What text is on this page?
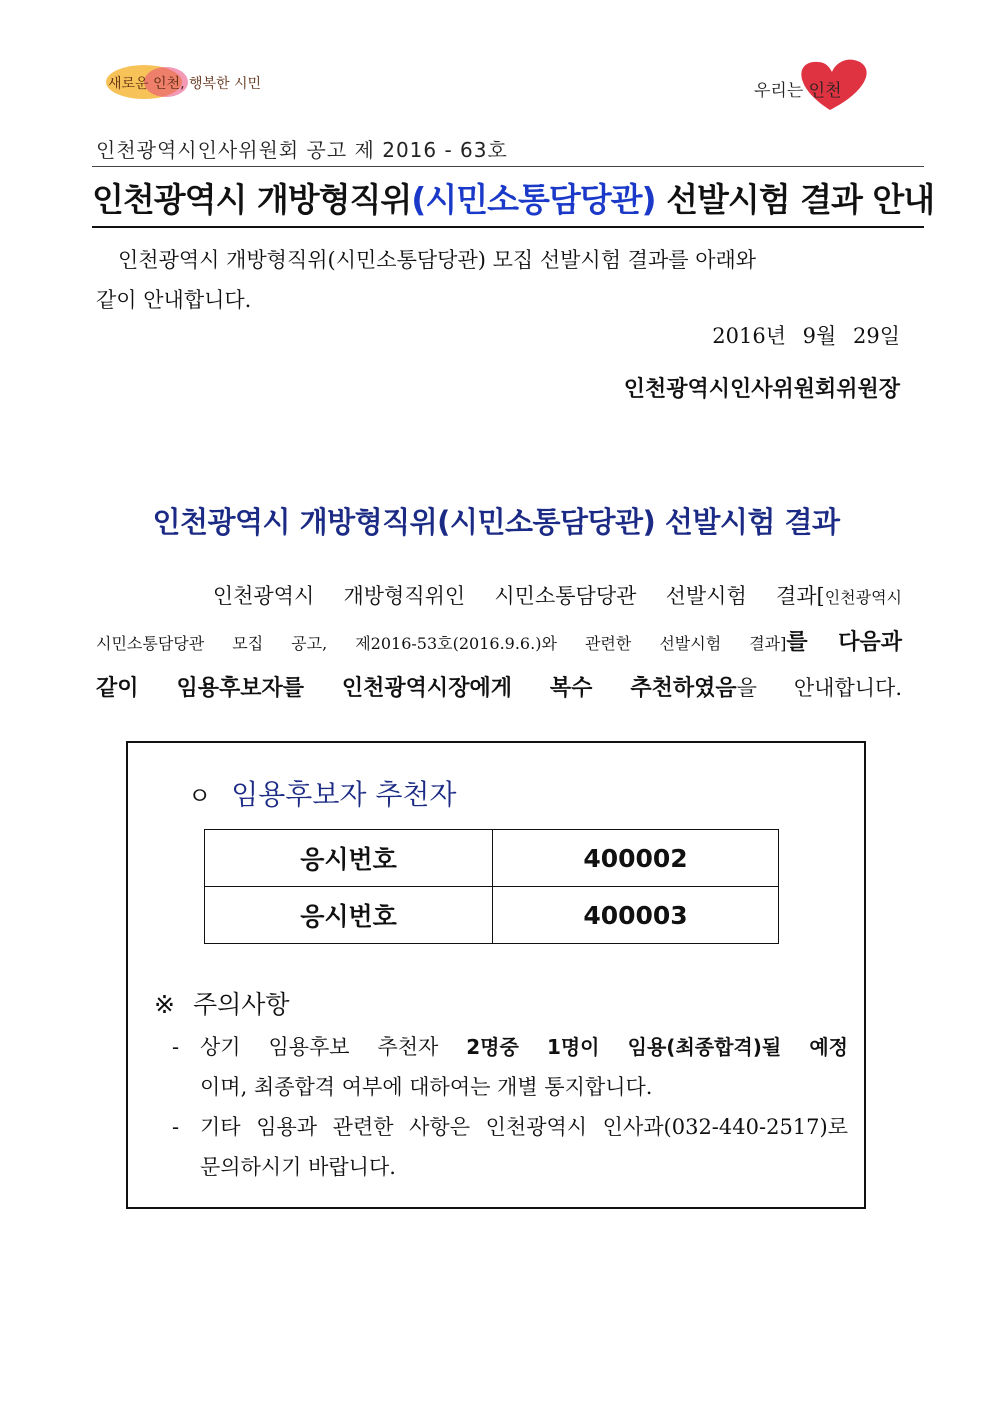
새로운 인천, 행복한 시민	우리는 인천
인천광역시인사위원회 공고 제 2016 - 63호
인천광역시 개방형직위(시민소통담당관) 선발시험 결과 안내
인천광역시 개방형직위(시민소통담당관) 모집 선발시험 결과를 아래와
같이 안내합니다.
2016년 9월 29일
인천광역시인사위원회위원장
인천광역시 개방형직위(시민소통담당관) 선발시험 결과
인천광역시 개방형직위인 시민소통담당관 선발시험 결과[인천광역시
시민소통담당관 모집 공고, 제2016-53호(2016.9.6.)와 관련한 선발시험 결과]를 다음과
같이 임용후보자를 인천광역시장에게 복수 추천하였음을 안내합니다.
ㅇ 임용후보자 추천자
응시번호	400002
응시번호	400003
※ 주의사항
- 상기 임용후보 추천자 2명중 1명이 임용(최종합격)될 예정
이며, 최종합격 여부에 대하여는 개별 통지합니다.
- 기타 임용과 관련한 사항은 인천광역시 인사과(032-440-2517)로
문의하시기 바랍니다.
